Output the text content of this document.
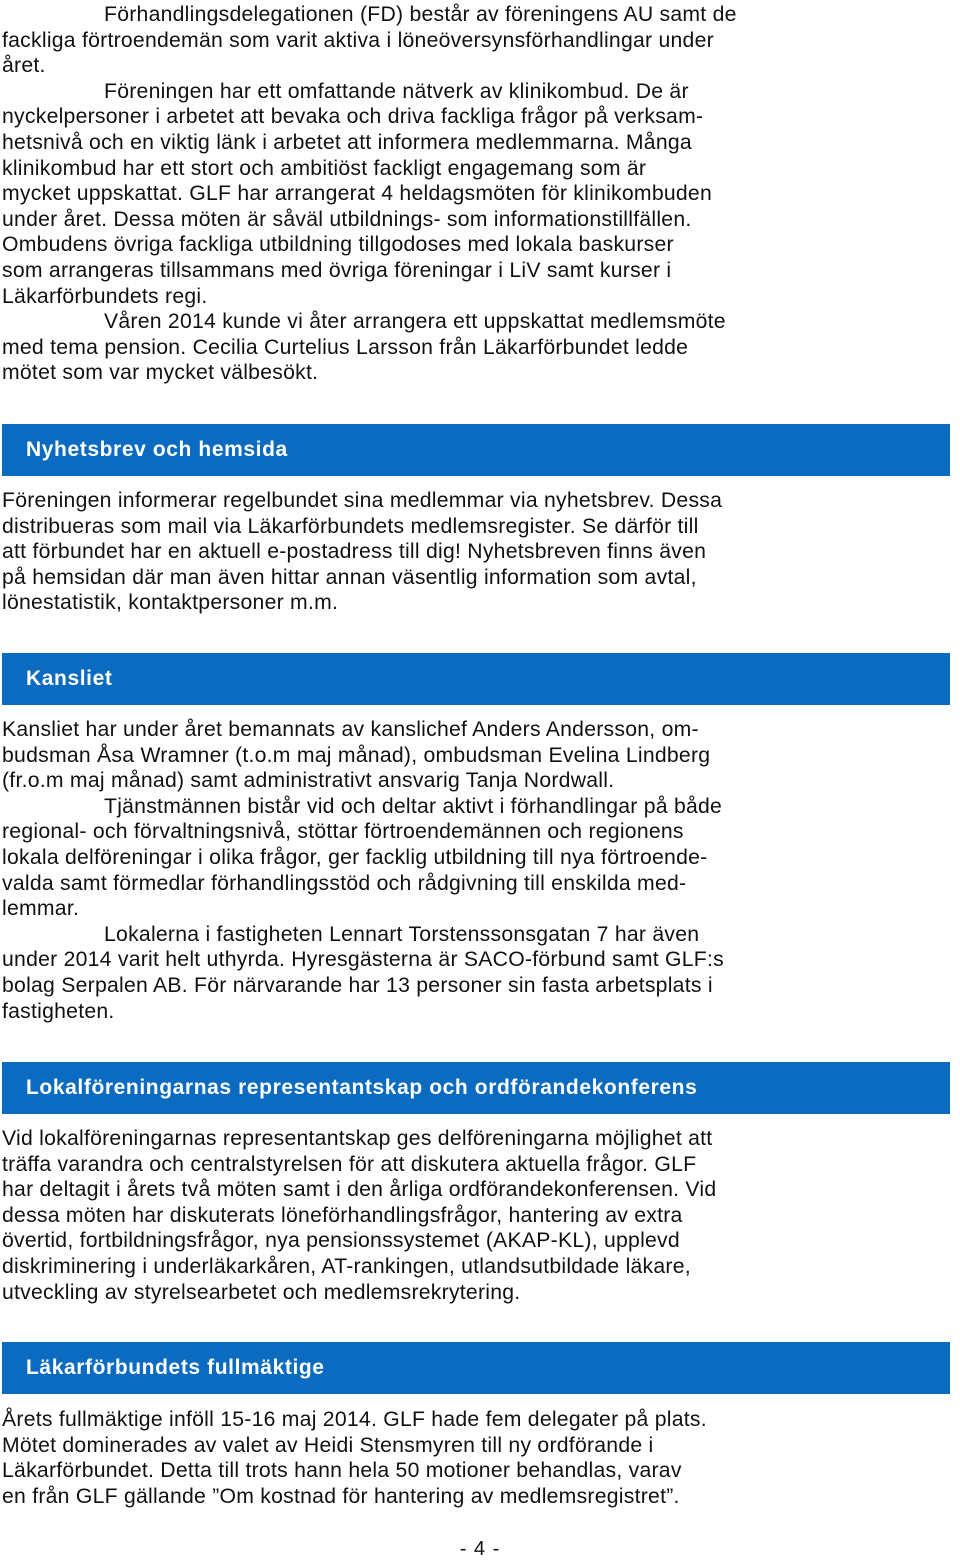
Förhandlingsdelegationen (FD) består av föreningens AU samt de
fackliga förtroendemän som varit aktiva i löneöversynsförhandlingar under
året.
Föreningen har ett omfattande nätverk av klinikombud. De är
nyckelpersoner i arbetet att bevaka och driva fackliga frågor på verksam-
hetsnivå och en viktig länk i arbetet att informera medlemmarna. Många
klinikombud har ett stort och ambitiöst fackligt engagemang som är
mycket uppskattat. GLF har arrangerat 4 heldagsmöten för klinikombuden
under året. Dessa möten är såväl utbildnings- som informationstillfällen.
Ombudens övriga fackliga utbildning tillgodoses med lokala baskurser
som arrangeras tillsammans med övriga föreningar i LiV samt kurser i
Läkarförbundets regi.
Våren 2014 kunde vi åter arrangera ett uppskattat medlemsmöte
med tema pension. Cecilia Curtelius Larsson från Läkarförbundet ledde
mötet som var mycket välbesökt.
Nyhetsbrev och hemsida
Föreningen informerar regelbundet sina medlemmar via nyhetsbrev. Dessa
distribueras som mail via Läkarförbundets medlemsregister. Se därför till
att förbundet har en aktuell e-postadress till dig! Nyhetsbreven finns även
på hemsidan där man även hittar annan väsentlig information som avtal,
lönestatistik, kontaktpersoner m.m.
Kansliet
Kansliet har under året bemannats av kanslichef Anders Andersson, om-
budsman Åsa Wramner (t.o.m maj månad), ombudsman Evelina Lindberg
(fr.o.m maj månad) samt administrativt ansvarig Tanja Nordwall.
Tjänstmännen bistår vid och deltar aktivt i förhandlingar på både
regional- och förvaltningsnivå, stöttar förtroendemännen och regionens
lokala delföreningar i olika frågor, ger facklig utbildning till nya förtroende-
valda samt förmedlar förhandlingsstöd och rådgivning till enskilda med-
lemmar.
Lokalerna i fastigheten Lennart Torstenssonsgatan 7 har även
under 2014 varit helt uthyrda. Hyresgästerna är SACO-förbund samt GLF:s
bolag Serpalen AB. För närvarande har 13 personer sin fasta arbetsplats i
fastigheten.
Lokalföreningarnas representantskap och ordförandekonferens
Vid lokalföreningarnas representantskap ges delföreningarna möjlighet att
träffa varandra och centralstyrelsen för att diskutera aktuella frågor. GLF
har deltagit i årets två möten samt i den årliga ordförandekonferensen. Vid
dessa möten har diskuterats löneförhandlingsfrågor, hantering av extra
övertid, fortbildningsfrågor, nya pensionssystemet (AKAP-KL), upplevd
diskriminering i underläkarkåren, AT-rankingen, utlandsutbildade läkare,
utveckling av styrelsearbetet och medlemsrekrytering.
Läkarförbundets fullmäktige
Årets fullmäktige inföll 15-16 maj 2014. GLF hade fem delegater på plats.
Mötet dominerades av valet av Heidi Stensmyren till ny ordförande i
Läkarförbundet. Detta till trots hann hela 50 motioner behandlas, varav
en från GLF gällande ”Om kostnad för hantering av medlemsregistret”.
- 4 -
